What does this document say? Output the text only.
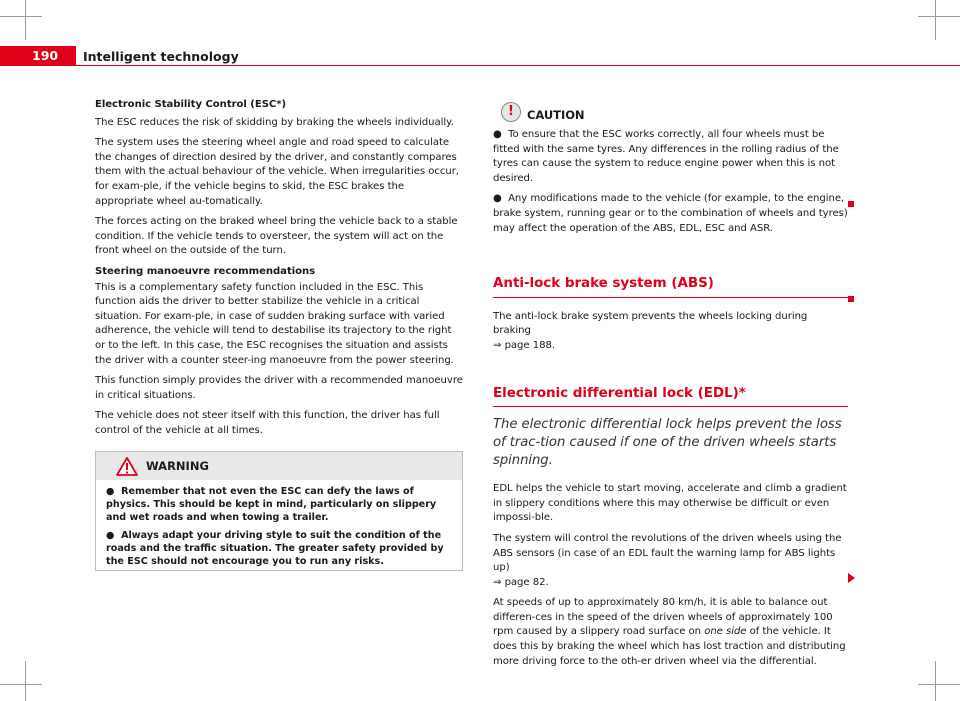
190 Intelligent technology

Electronic Stability Control (ESC*)

The ESC reduces the risk of skidding by braking the wheels individually.

The system uses the steering wheel angle and road speed to calculate the changes of direction desired by the driver, and constantly compares them with the actual behaviour of the vehicle. When irregularities occur, for exam-ple, if the vehicle begins to skid, the ESC brakes the appropriate wheel au-tomatically.

The forces acting on the braked wheel bring the vehicle back to a stable condition. If the vehicle tends to oversteer, the system will act on the front wheel on the outside of the turn.

Steering manoeuvre recommendations

This is a complementary safety function included in the ESC. This function aids the driver to better stabilize the vehicle in a critical situation. For exam-ple, in case of sudden braking surface with varied adherence, the vehicle will tend to destabilise its trajectory to the right or to the left. In this case, the ESC recognises the situation and assists the driver with a counter steer-ing manoeuvre from the power steering.

This function simply provides the driver with a recommended manoeuvre in critical situations.

The vehicle does not steer itself with this function, the driver has full control of the vehicle at all times.

WARNING

●  Remember that not even the ESC can defy the laws of physics. This should be kept in mind, particularly on slippery and wet roads and when towing a trailer.

●  Always adapt your driving style to suit the condition of the roads and the traffic situation. The greater safety provided by the ESC should not encourage you to run any risks.

!	CAUTION

●  To ensure that the ESC works correctly, all four wheels must be fitted with the same tyres. Any differences in the rolling radius of the tyres can cause the system to reduce engine power when this is not desired.

●  Any modifications made to the vehicle (for example, to the engine, brake system, running gear or to the combination of wheels and tyres) may affect the operation of the ABS, EDL, ESC and ASR.

Anti-lock brake system (ABS)

The anti-lock brake system prevents the wheels locking during braking

⇒ page 188.

Electronic differential lock (EDL)*

The electronic differential lock helps prevent the loss of trac-tion caused if one of the driven wheels starts spinning.

EDL helps the vehicle to start moving, accelerate and climb a gradient in slippery conditions where this may otherwise be difficult or even impossi-ble.

The system will control the revolutions of the driven wheels using the ABS sensors (in case of an EDL fault the warning lamp for ABS lights up)

⇒ page 82.

At speeds of up to approximately 80 km/h, it is able to balance out differen-ces in the speed of the driven wheels of approximately 100 rpm caused by a slippery road surface on one side of the vehicle. It does this by braking the wheel which has lost traction and distributing more driving force to the oth-er driven wheel via the differential.
